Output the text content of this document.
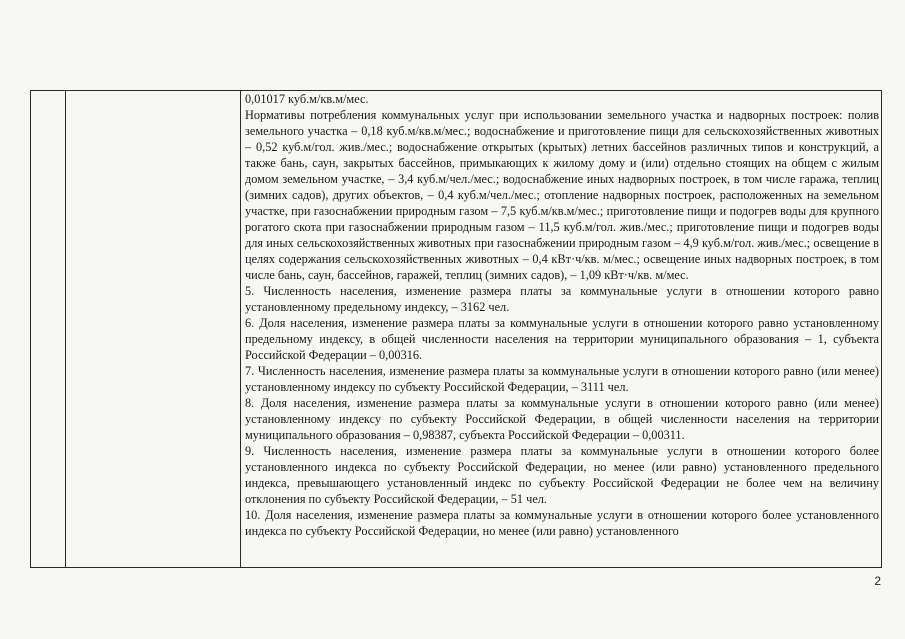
0,01017 куб.м/кв.м/мес.

Нормативы потребления коммунальных услуг при использовании земельного участка и надворных построек: полив земельного участка – 0,18 куб.м/кв.м/мес.; водоснабжение и приготовление пищи для сельскохозяйственных животных – 0,52 куб.м/гол. жив./мес.; водоснабжение открытых (крытых) летних бассейнов различных типов и конструкций, а также бань, саун, закрытых бассейнов, примыкающих к жилому дому и (или) отдельно стоящих на общем с жилым домом земельном участке, – 3,4 куб.м/чел./мес.; водоснабжение иных надворных построек, в том числе гаража, теплиц (зимних садов), других объектов, – 0,4 куб.м/чел./мес.; отопление надворных построек, расположенных на земельном участке, при газоснабжении природным газом – 7,5 куб.м/кв.м/мес.; приготовление пищи и подогрев воды для крупного рогатого скота при газоснабжении природным газом – 11,5 куб.м/гол. жив./мес.; приготовление пищи и подогрев воды для иных сельскохозяйственных животных при газоснабжении природным газом – 4,9 куб.м/гол. жив./мес.; освещение в целях содержания сельскохозяйственных животных – 0,4 кВт·ч/кв. м/мес.; освещение иных надворных построек, в том числе бань, саун, бассейнов, гаражей, теплиц (зимних садов), – 1,09 кВт·ч/кв. м/мес.

5. Численность населения, изменение размера платы за коммунальные услуги в отношении которого равно установленному предельному индексу, – 3162 чел.

6. Доля населения, изменение размера платы за коммунальные услуги в отношении которого равно установленному предельному индексу, в общей численности населения на территории муниципального образования – 1, субъекта Российской Федерации – 0,00316.

7. Численность населения, изменение размера платы за коммунальные услуги в отношении которого равно (или менее) установленному индексу по субъекту Российской Федерации, – 3111 чел.

8. Доля населения, изменение размера платы за коммунальные услуги в отношении которого равно (или менее) установленному индексу по субъекту Российской Федерации, в общей численности населения на территории муниципального образования – 0,98387, субъекта Российской Федерации – 0,00311.

9. Численность населения, изменение размера платы за коммунальные услуги в отношении которого более установленного индекса по субъекту Российской Федерации, но менее (или равно) установленного предельного индекса, превышающего установленный индекс по субъекту Российской Федерации не более чем на величину отклонения по субъекту Российской Федерации, – 51 чел.

10. Доля населения, изменение размера платы за коммунальные услуги в отношении которого более установленного индекса по субъекту Российской Федерации, но менее (или равно) установленного

2
